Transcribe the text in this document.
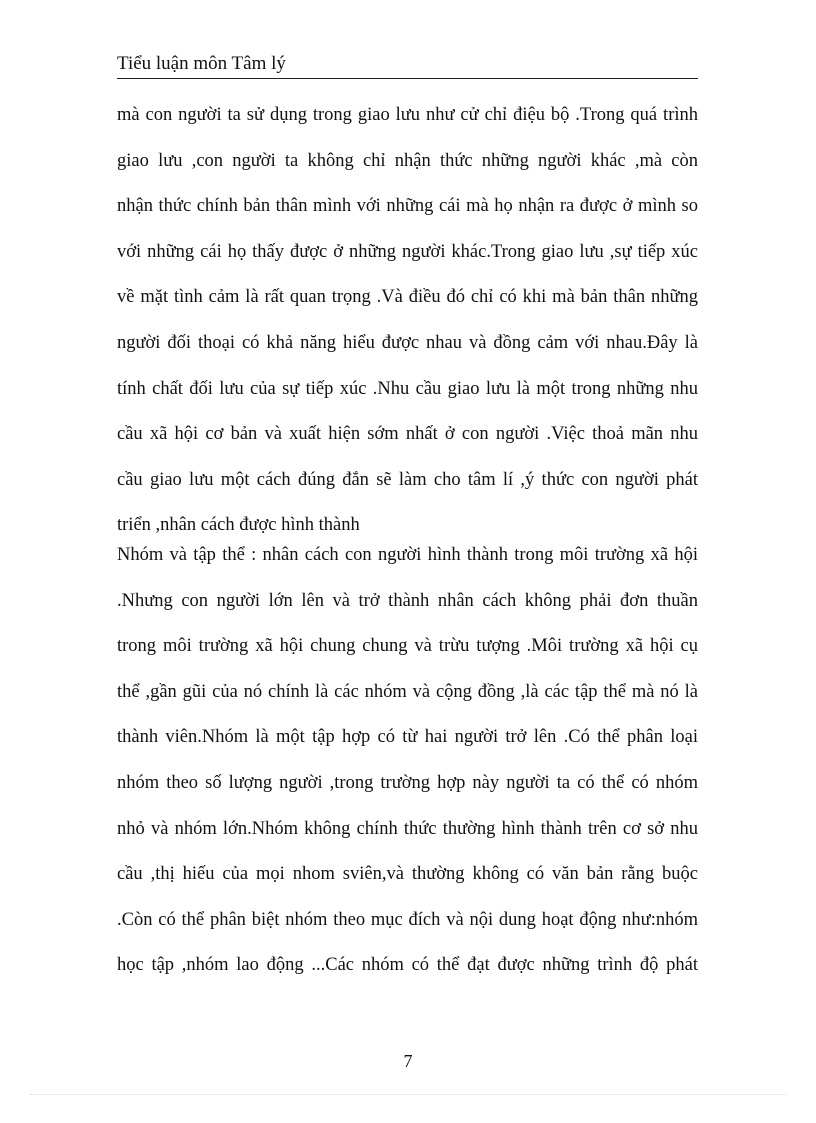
Tiểu luận môn Tâm lý
mà con người ta sử dụng trong giao lưu như cử chỉ điệu bộ .Trong quá trình
giao lưu ,con người ta không chỉ nhận thức những người khác ,mà còn
nhận thức chính bản thân mình với những cái mà họ nhận ra được ở mình so
với những cái họ thấy được ở những người khác.Trong giao lưu ,sự tiếp xúc
về mặt tình cảm là rất quan trọng .Và điều đó chỉ có khi mà bản thân những
người đối thoại có khả năng hiểu được nhau và đồng cảm với nhau.Đây là
tính chất đối lưu của sự tiếp xúc .Nhu cầu giao lưu là một trong những nhu
cầu xã hội cơ bản và xuất hiện sớm nhất ở con người .Việc thoả mãn nhu
cầu giao lưu một cách đúng đắn sẽ làm cho tâm lí ,ý thức con người phát
triển ,nhân cách được hình thành
Nhóm và tập thể : nhân cách con người hình thành trong môi trường xã hội
.Nhưng con người lớn lên và trở thành nhân cách không phải đơn thuần
trong môi trường xã hội chung chung và trừu tượng .Môi trường xã hội cụ
thể ,gần gũi của nó chính là các nhóm và cộng đồng ,là các tập thể mà nó là
thành viên.Nhóm là một tập hợp có từ hai người trở lên .Có thể phân loại
nhóm theo số lượng người ,trong trường hợp này người ta có thể có nhóm
nhỏ và nhóm lớn.Nhóm không chính thức thường hình thành trên cơ sở nhu
cầu ,thị hiếu của mọi nhom sviên,và thường không có văn bản rằng buộc
.Còn có thể phân biệt nhóm theo mục đích và nội dung hoạt động như:nhóm
học tập ,nhóm lao động ...Các nhóm có thể đạt được những trình độ phát
7
